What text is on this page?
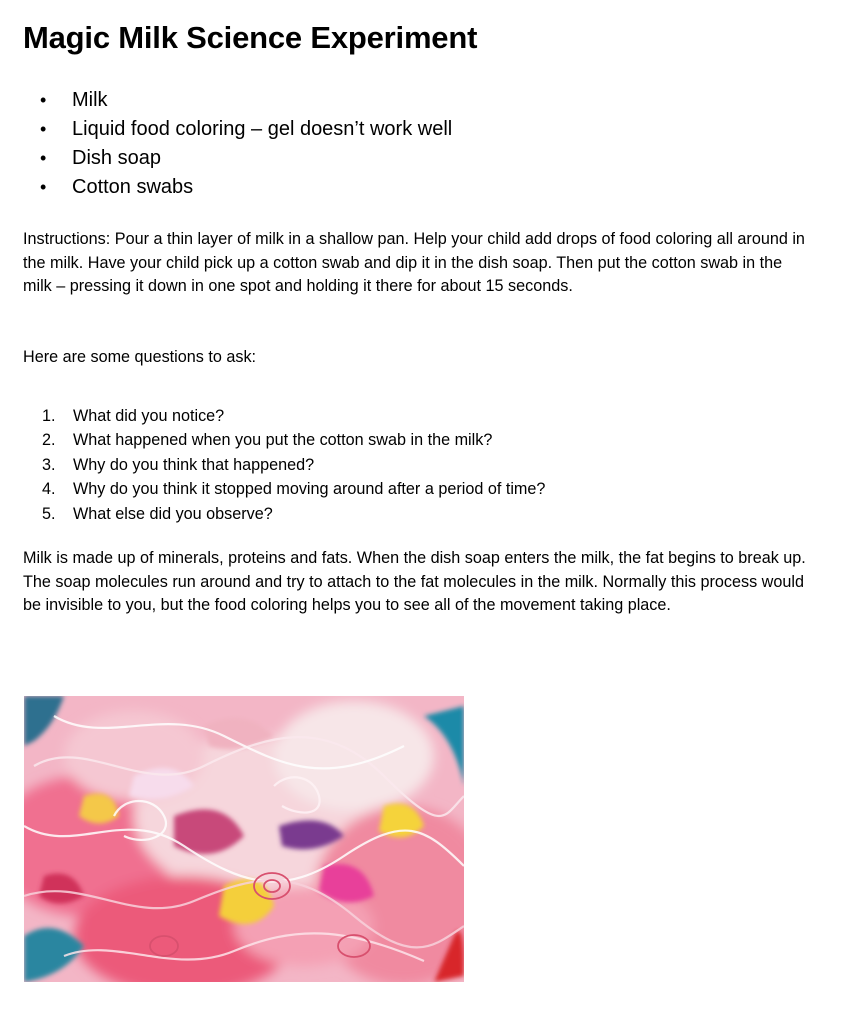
Magic Milk Science Experiment
• Milk
• Liquid food coloring – gel doesn’t work well
• Dish soap
• Cotton swabs

Instructions: Pour a thin layer of milk in a shallow pan. Help your child add drops of food coloring all around in the milk. Have your child pick up a cotton swab and dip it in the dish soap. Then put the cotton swab in the milk – pressing it down in one spot and holding it there for about 15 seconds.

Here are some questions to ask:

1. What did you notice?
2. What happened when you put the cotton swab in the milk?
3. Why do you think that happened?
4. Why do you think it stopped moving around after a period of time?
5. What else did you observe?

Milk is made up of minerals, proteins and fats. When the dish soap enters the milk, the fat begins to break up. The soap molecules run around and try to attach to the fat molecules in the milk. Normally this process would be invisible to you, but the food coloring helps you to see all of the movement taking place.
